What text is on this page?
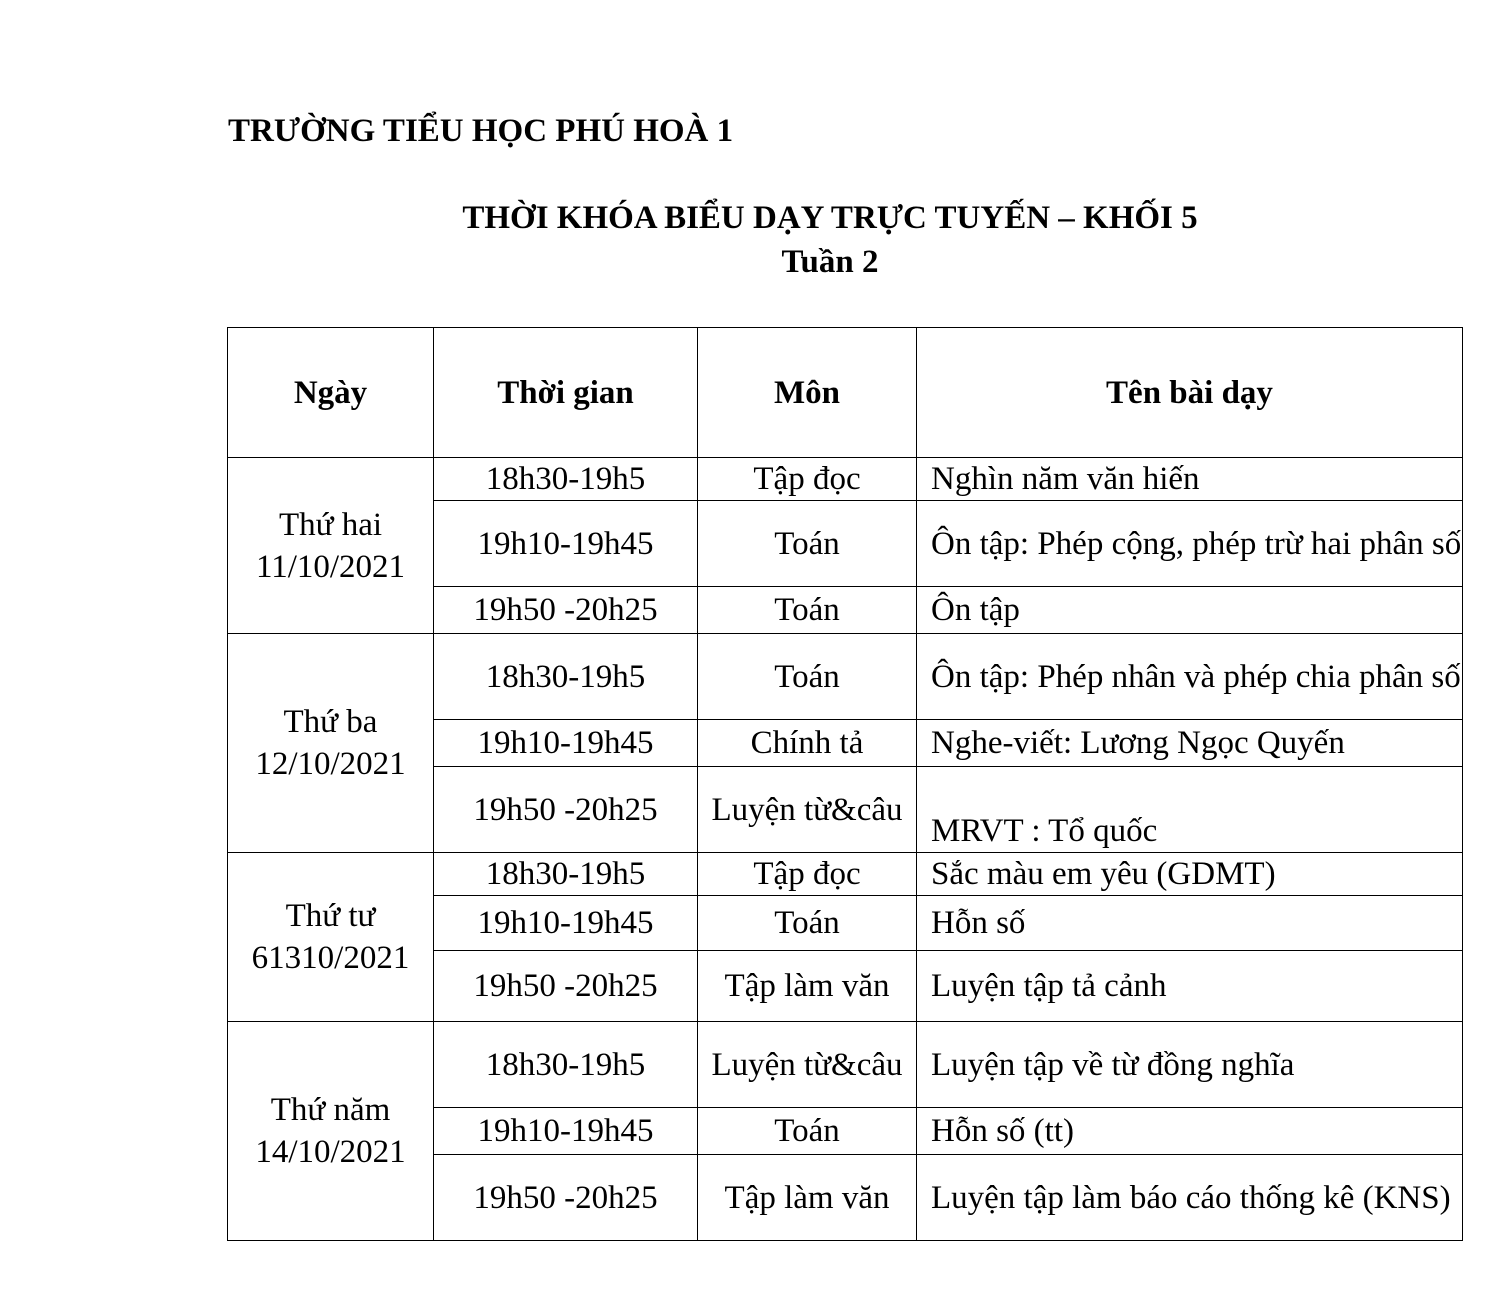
TRƯỜNG TIỂU HỌC PHÚ HOÀ 1
THỜI KHÓA BIỂU DẠY TRỰC TUYẾN – KHỐI 5
Tuần 2
Ngày	Thời gian	Môn	Tên bài dạy

Thứ hai
11/10/2021	18h30-19h5	Tập đọc	Nghìn năm văn hiến
	19h10-19h45	Toán	Ôn tập: Phép cộng, phép trừ hai phân số
	19h50 -20h25	Toán	Ôn tập

Thứ ba
12/10/2021	18h30-19h5	Toán	Ôn tập: Phép nhân và phép chia phân số
	19h10-19h45	Chính tả	Nghe-viết: Lương Ngọc Quyến
	19h50 -20h25	Luyện từ&câu	MRVT : Tổ quốc

Thứ tư
61310/2021	18h30-19h5	Tập đọc	Sắc màu em yêu (GDMT)
	19h10-19h45	Toán	Hỗn số
	19h50 -20h25	Tập làm văn	Luyện tập tả cảnh

Thứ năm
14/10/2021	18h30-19h5	Luyện từ&câu	Luyện tập về từ đồng nghĩa
	19h10-19h45	Toán	Hỗn số (tt)
	19h50 -20h25	Tập làm văn	Luyện tập làm báo cáo thống kê (KNS)
